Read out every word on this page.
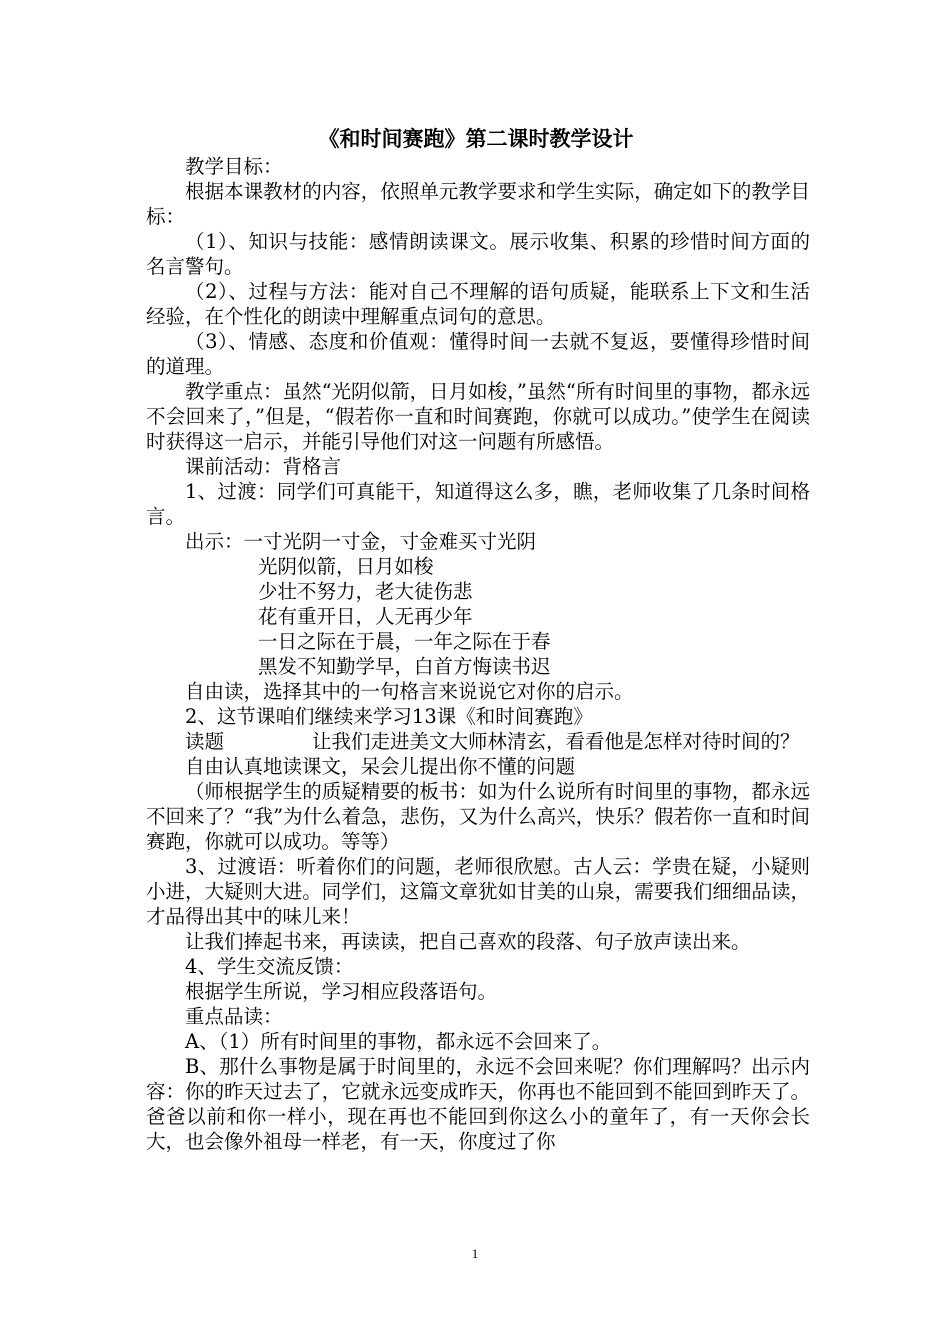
《和时间赛跑》第二课时教学设计
教学目标：
根据本课教材的内容，依照单元教学要求和学生实际，确定如下的教学目标：
（1）、知识与技能：感情朗读课文。展示收集、积累的珍惜时间方面的名言警句。
（2）、过程与方法：能对自己不理解的语句质疑，能联系上下文和生活经验，在个性化的朗读中理解重点词句的意思。
（3）、情感、态度和价值观：懂得时间一去就不复返，要懂得珍惜时间的道理。
教学重点：虽然“光阴似箭，日月如梭，”虽然“所有时间里的事物，都永远不会回来了，”但是，“假若你一直和时间赛跑，你就可以成功。”使学生在阅读时获得这一启示，并能引导他们对这一问题有所感悟。
课前活动：背格言
1、过渡：同学们可真能干，知道得这么多，瞧，老师收集了几条时间格言。
出示：一寸光阴一寸金，寸金难买寸光阴
光阴似箭，日月如梭
少壮不努力，老大徒伤悲
花有重开日，人无再少年
一日之际在于晨，一年之际在于春
黑发不知勤学早，白首方悔读书迟
自由读，选择其中的一句格言来说说它对你的启示。
2、这节课咱们继续来学习13课《和时间赛跑》
读题	让我们走进美文大师林清玄，看看他是怎样对待时间的？
自由认真地读课文，呆会儿提出你不懂的问题
（师根据学生的质疑精要的板书：如为什么说所有时间里的事物，都永远不回来了？“我”为什么着急，悲伤，又为什么高兴，快乐？假若你一直和时间赛跑，你就可以成功。等等）
3、过渡语：听着你们的问题，老师很欣慰。古人云：学贵在疑，小疑则小进，大疑则大进。同学们，这篇文章犹如甘美的山泉，需要我们细细品读，才品得出其中的味儿来！
让我们捧起书来，再读读，把自己喜欢的段落、句子放声读出来。
4、学生交流反馈：
根据学生所说，学习相应段落语句。
重点品读：
A、（1）所有时间里的事物，都永远不会回来了。
B、那什么事物是属于时间里的，永远不会回来呢？你们理解吗？出示内容：你的昨天过去了，它就永远变成昨天，你再也不能回到不能回到昨天了。爸爸以前和你一样小，现在再也不能回到你这么小的童年了，有一天你会长大，也会像外祖母一样老，有一天，你度过了你
1
